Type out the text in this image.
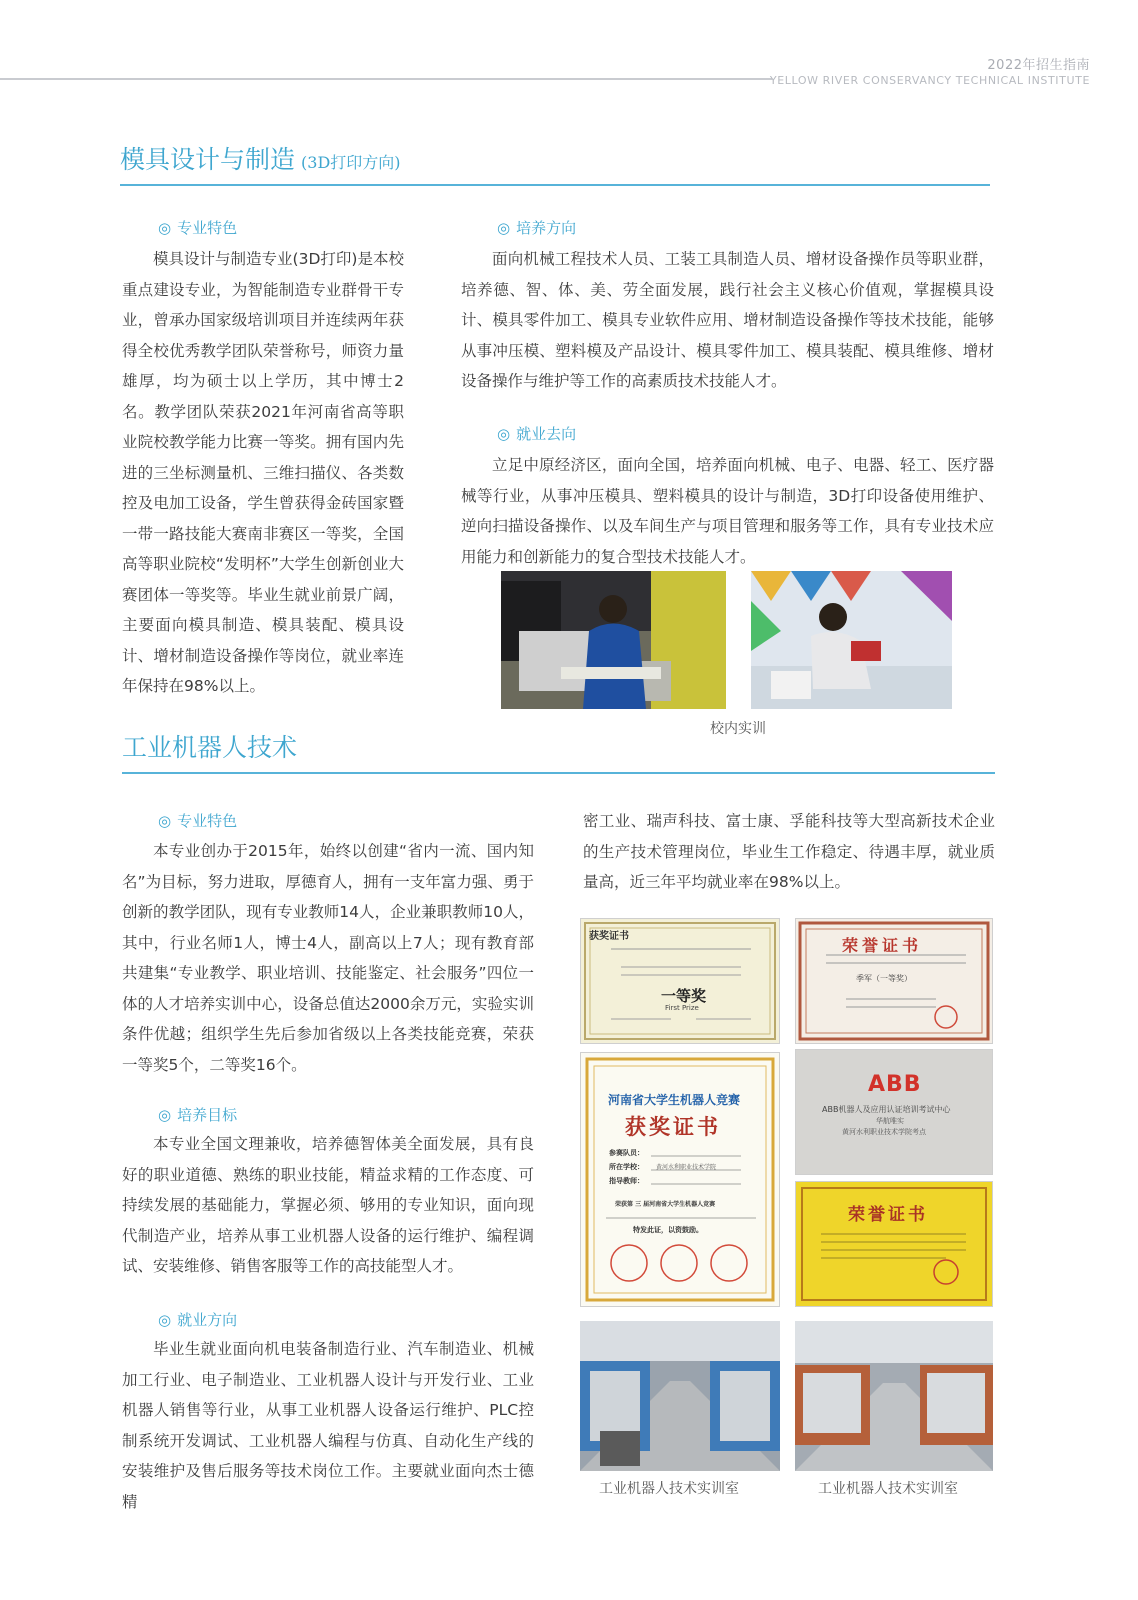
2022年招生指南
YELLOW RIVER CONSERVANCY TECHNICAL INSTITUTE
模具设计与制造 (3D打印方向)
◎ 专业特色

模具设计与制造专业(3D打印)是本校重点建设专业，为智能制造专业群骨干专业，曾承办国家级培训项目并连续两年获得全校优秀教学团队荣誉称号，师资力量雄厚，均为硕士以上学历，其中博士2名。教学团队荣获2021年河南省高等职业院校教学能力比赛一等奖。拥有国内先进的三坐标测量机、三维扫描仪、各类数控及电加工设备，学生曾获得金砖国家暨一带一路技能大赛南非赛区一等奖，全国高等职业院校“发明杯”大学生创新创业大赛团体一等奖等。毕业生就业前景广阔，主要面向模具制造、模具装配、模具设计、增材制造设备操作等岗位，就业率连年保持在98%以上。

◎ 培养方向

面向机械工程技术人员、工装工具制造人员、增材设备操作员等职业群，培养德、智、体、美、劳全面发展，践行社会主义核心价值观，掌握模具设计、模具零件加工、模具专业软件应用、增材制造设备操作等技术技能，能够从事冲压模、塑料模及产品设计、模具零件加工、模具装配、模具维修、增材设备操作与维护等工作的高素质技术技能人才。

◎ 就业去向

立足中原经济区，面向全国，培养面向机械、电子、电器、轻工、医疗器械等行业，从事冲压模具、塑料模具的设计与制造，3D打印设备使用维护、逆向扫描设备操作、以及车间生产与项目管理和服务等工作，具有专业技术应用能力和创新能力的复合型技术技能人才。

校内实训
工业机器人技术
◎ 专业特色

本专业创办于2015年，始终以创建“省内一流、国内知名”为目标，努力进取，厚德育人，拥有一支年富力强、勇于创新的教学团队，现有专业教师14人，企业兼职教师10人，其中，行业名师1人，博士4人，副高以上7人；现有教育部共建集“专业教学、职业培训、技能鉴定、社会服务”四位一体的人才培养实训中心，设备总值达2000余万元，实验实训条件优越；组织学生先后参加省级以上各类技能竞赛，荣获一等奖5个，二等奖16个。

◎ 培养目标

本专业全国文理兼收，培养德智体美全面发展，具有良好的职业道德、熟练的职业技能，精益求精的工作态度、可持续发展的基础能力，掌握必须、够用的专业知识，面向现代制造产业，培养从事工业机器人设备的运行维护、编程调试、安装维修、销售客服等工作的高技能型人才。

◎ 就业方向

毕业生就业面向机电装备制造行业、汽车制造业、机械加工行业、电子制造业、工业机器人设计与开发行业、工业机器人销售等行业，从事工业机器人设备运行维护、PLC控制系统开发调试、工业机器人编程与仿真、自动化生产线的安装维护及售后服务等技术岗位工作。主要就业面向杰士德精

密工业、瑞声科技、富士康、孚能科技等大型高新技术企业的生产技术管理岗位，毕业生工作稳定、待遇丰厚，就业质量高，近三年平均就业率在98%以上。

获奖证书
一等奖
First Prize
荣誉证书
季军（一等奖）
河南省大学生机器人竞赛
获奖证书
参赛队员：
所在学校： 黄河水利职业技术学院
指导教师：
荣获第 三 届河南省大学生机器人竞赛
特发此证，以资鼓励。
ABB
ABB机器人及应用认证培训考试中心
华航唯实
黄河水利职业技术学院考点
荣誉证书
工业机器人技术实训室	工业机器人技术实训室
